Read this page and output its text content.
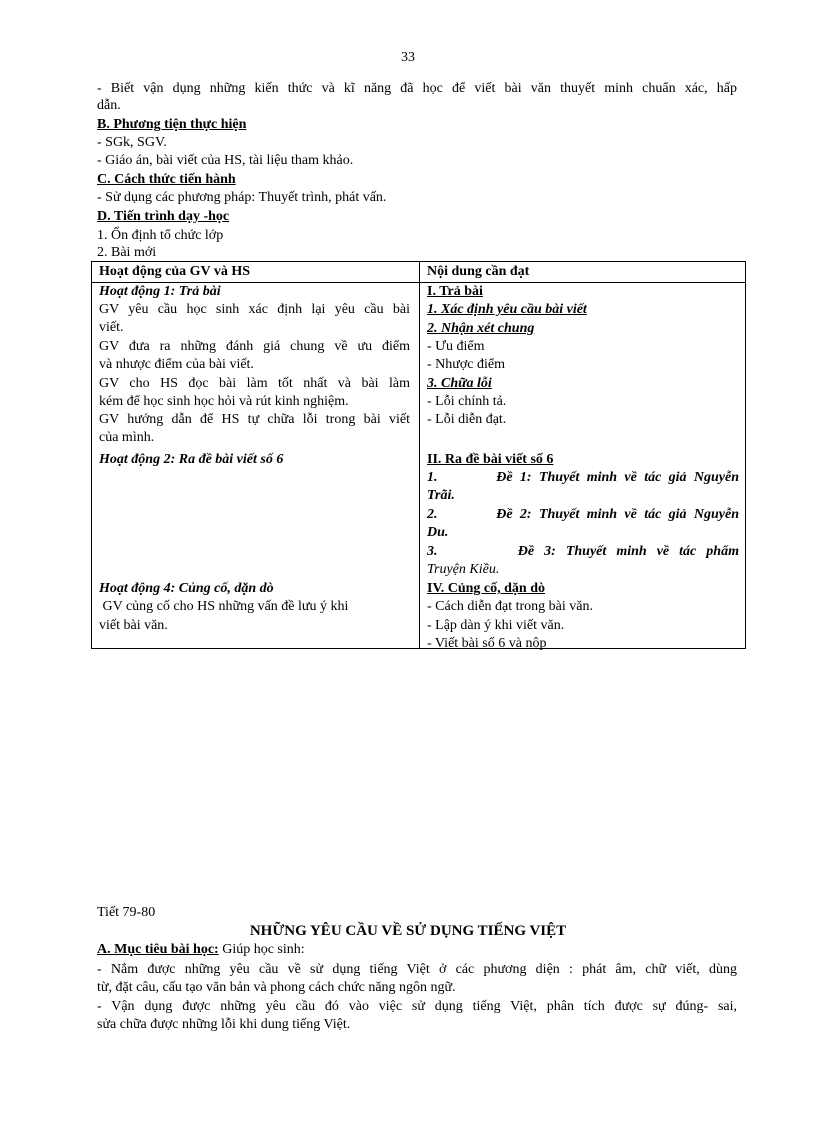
33
- Biết vận dụng những kiến thức và kĩ năng đã học để viết bài văn thuyết minh chuẩn xác, hấp
dẫn.
B. Phương tiện thực hiện
- SGk, SGV.
- Giáo án, bài viết của HS, tài liệu tham khảo.
C. Cách thức tiến hành
- Sử dụng các phương pháp: Thuyết trình, phát vấn.
D. Tiến trình dạy -học
1. Ổn định tổ chức lớp
2. Bài mới
Hoạt động của GV và HS	Nội dung cần đạt
Hoạt động 1: Trả bài
GV yêu cầu học sinh xác định lại yêu cầu bài
viết.
GV đưa ra những đánh giá chung về ưu điểm
và nhược điểm của bài viết.
GV cho HS đọc bài làm tốt nhất và bài làm
kém để học sinh học hỏi và rút kinh nghiệm.
GV hướng dẫn để HS tự chữa lỗi trong bài viết
của mình.
Hoạt động 2: Ra đề bài viết số 6
Hoạt động 4: Củng cố, dặn dò
GV củng cố cho HS những vấn đề lưu ý khi
viết bài văn.
I. Trả bài
1. Xác định yêu cầu bài viết
2. Nhận xét chung
- Ưu điểm
- Nhược điểm
3. Chữa lỗi
- Lỗi chính tả.
- Lỗi diễn đạt.
II. Ra đề bài viết số 6
1.        Đề 1: Thuyết minh về tác giả Nguyễn
Trãi.
2.        Đề 2: Thuyết minh về tác giả Nguyễn
Du.
3.        Đề 3: Thuyết minh về tác phẩm
Truyện Kiều.
IV. Củng cố, dặn dò
- Cách diễn đạt trong bài văn.
- Lập dàn ý khi viết văn.
- Viết bài số 6 và nộp
Tiết 79-80
NHỮNG YÊU CẦU VỀ SỬ DỤNG TIẾNG VIỆT
A. Mục tiêu bài học: Giúp học sinh:
- Nắm được những yêu cầu về sử dụng tiếng Việt ở các phương diện : phát âm, chữ viết, dùng
từ, đặt câu, cấu tạo văn bản và phong cách chức năng ngôn ngữ.
- Vận dụng được những yêu cầu đó vào việc sử dụng tiếng Việt, phân tích được sự đúng- sai,
sửa chữa được những lỗi khi dung tiếng Việt.
